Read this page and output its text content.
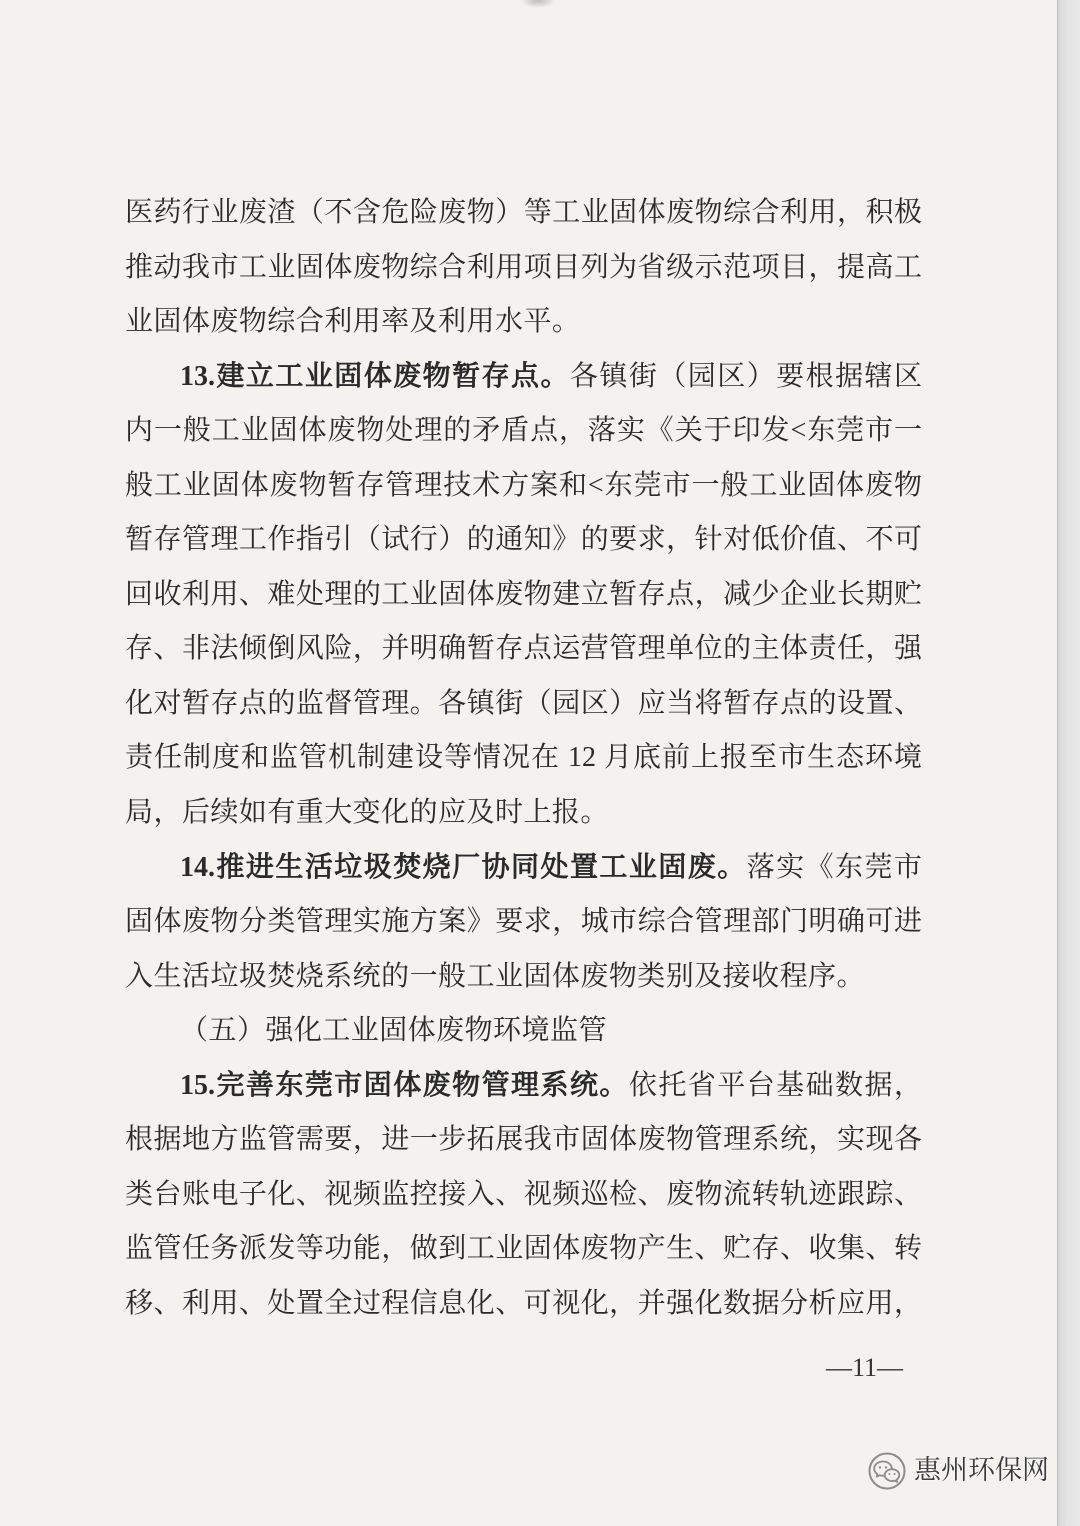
医药行业废渣（不含危险废物）等工业固体废物综合利用，积极
推动我市工业固体废物综合利用项目列为省级示范项目，提高工
业固体废物综合利用率及利用水平。
13.建立工业固体废物暂存点。各镇街（园区）要根据辖区
内一般工业固体废物处理的矛盾点，落实《关于印发<东莞市一
般工业固体废物暂存管理技术方案和<东莞市一般工业固体废物
暂存管理工作指引（试行）的通知》的要求，针对低价值、不可
回收利用、难处理的工业固体废物建立暂存点，减少企业长期贮
存、非法倾倒风险，并明确暂存点运营管理单位的主体责任，强
化对暂存点的监督管理。各镇街（园区）应当将暂存点的设置、
责任制度和监管机制建设等情况在 12 月底前上报至市生态环境
局，后续如有重大变化的应及时上报。
14.推进生活垃圾焚烧厂协同处置工业固废。落实《东莞市
固体废物分类管理实施方案》要求，城市综合管理部门明确可进
入生活垃圾焚烧系统的一般工业固体废物类别及接收程序。
（五）强化工业固体废物环境监管
15.完善东莞市固体废物管理系统。依托省平台基础数据，
根据地方监管需要，进一步拓展我市固体废物管理系统，实现各
类台账电子化、视频监控接入、视频巡检、废物流转轨迹跟踪、
监管任务派发等功能，做到工业固体废物产生、贮存、收集、转
移、利用、处置全过程信息化、可视化，并强化数据分析应用，
—11—
惠州环保网
